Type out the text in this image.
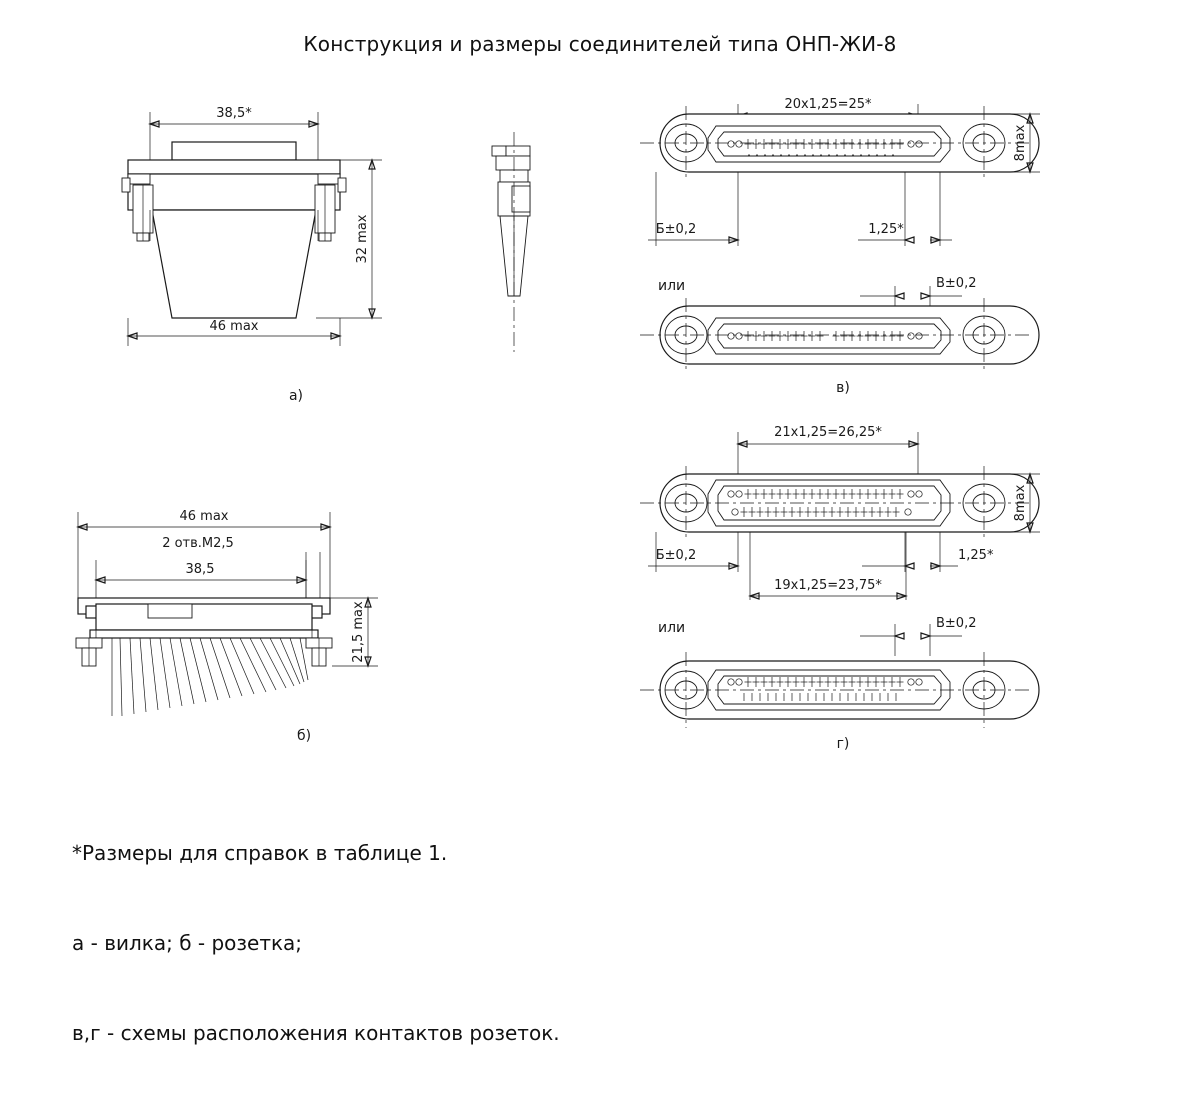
Конструкция и размеры соединителей типа ОНП-ЖИ-8
38,5*
32 max
46 max
а)
46 max
2 отв.М2,5
38,5
21,5 max
б)
20x1,25=25*
8max
Б±0,2	1,25*
или	В±0,2
в)
21x1,25=26,25*
8max
Б±0,2	1,25*
19x1,25=23,75*
или	В±0,2
г)

*Размеры для справок в таблице 1.

а - вилка; б - розетка;

в,г - схемы расположения контактов розеток.
